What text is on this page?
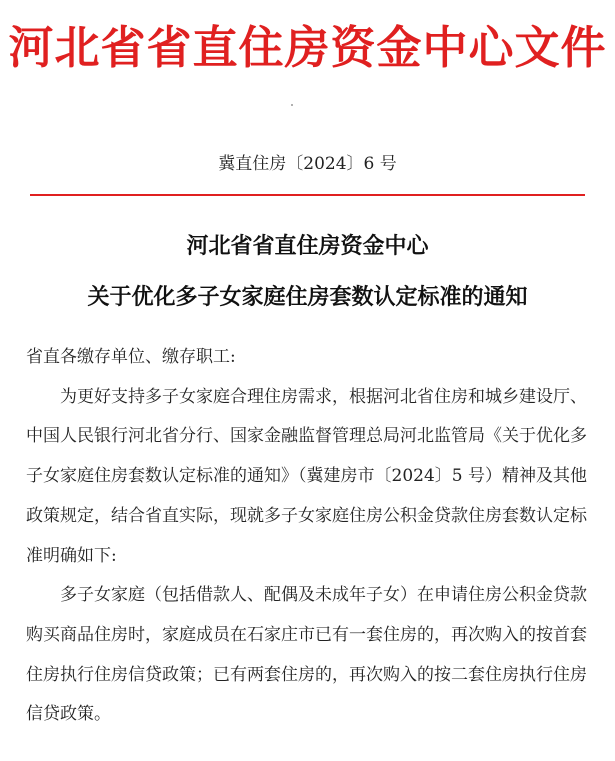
河北省省直住房资金中心文件
冀直住房〔2024〕6 号
河北省省直住房资金中心
关于优化多子女家庭住房套数认定标准的通知

省直各缴存单位、缴存职工:

为更好支持多子女家庭合理住房需求，根据河北省住房和城乡建设厅、中国人民银行河北省分行、国家金融监督管理总局河北监管局《关于优化多子女家庭住房套数认定标准的通知》（冀建房市〔2024〕5 号）精神及其他政策规定，结合省直实际，现就多子女家庭住房公积金贷款住房套数认定标准明确如下:

多子女家庭（包括借款人、配偶及未成年子女）在申请住房公积金贷款购买商品住房时，家庭成员在石家庄市已有一套住房的，再次购入的按首套住房执行住房信贷政策；已有两套住房的，再次购入的按二套住房执行住房信贷政策。
